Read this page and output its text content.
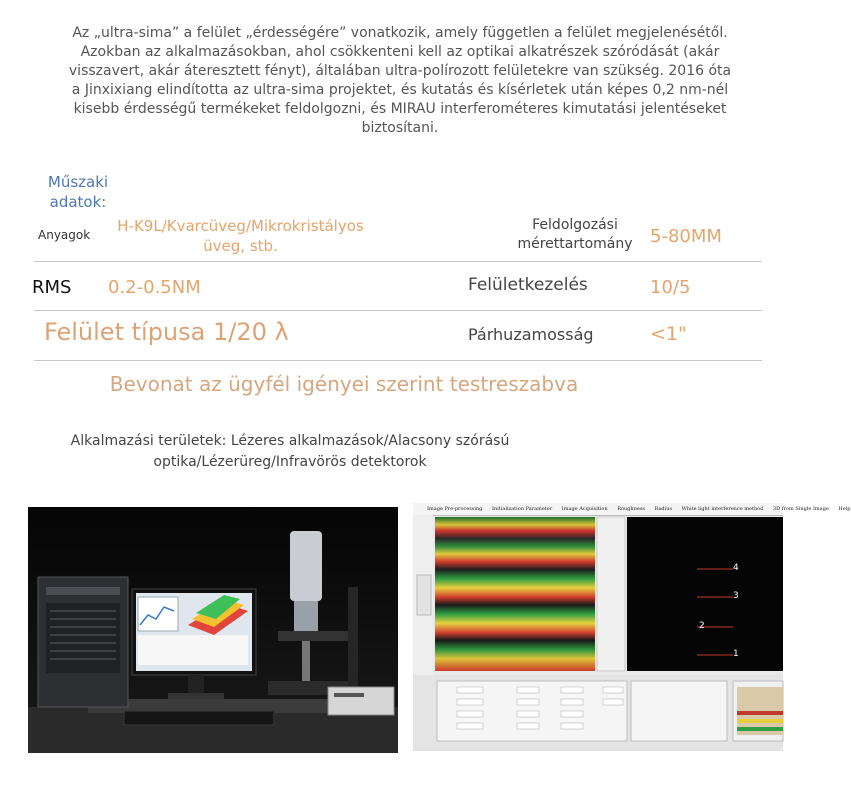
Az „ultra-sima” a felület „érdességére” vonatkozik, amely független a felület megjelenésétől.
Azokban az alkalmazásokban, ahol csökkenteni kell az optikai alkatrészek szóródását (akár
visszavert, akár áteresztett fényt), általában ultra-polírozott felületekre van szükség. 2016 óta
a Jinxixiang elindította az ultra-sima projektet, és kutatás és kísérletek után képes 0,2 nm-nél
kisebb érdességű termékeket feldolgozni, és MIRAU interferométeres kimutatási jelentéseket
biztosítani.
Műszaki
adatok:
Anyagok	H-K9L/Kvarcüveg/Mikrokristályos
üveg, stb.
Feldolgozási
mérettartomány 5-80MM
RMS 0.2-0.5NM	Felületkezelés	10/5
Felület típusa 1/20 λ	Párhuzamosság	<1"
Bevonat az ügyfél igényei szerint testreszabva
Alkalmazási területek: Lézeres alkalmazások/Alacsony szórású
optika/Lézerüreg/Infravörös detektorok
Image Pre-processing Initialization Parameter Image Acquisition Roughness Radius White light interference method 3D from Single Image Help
4
3
2
1
